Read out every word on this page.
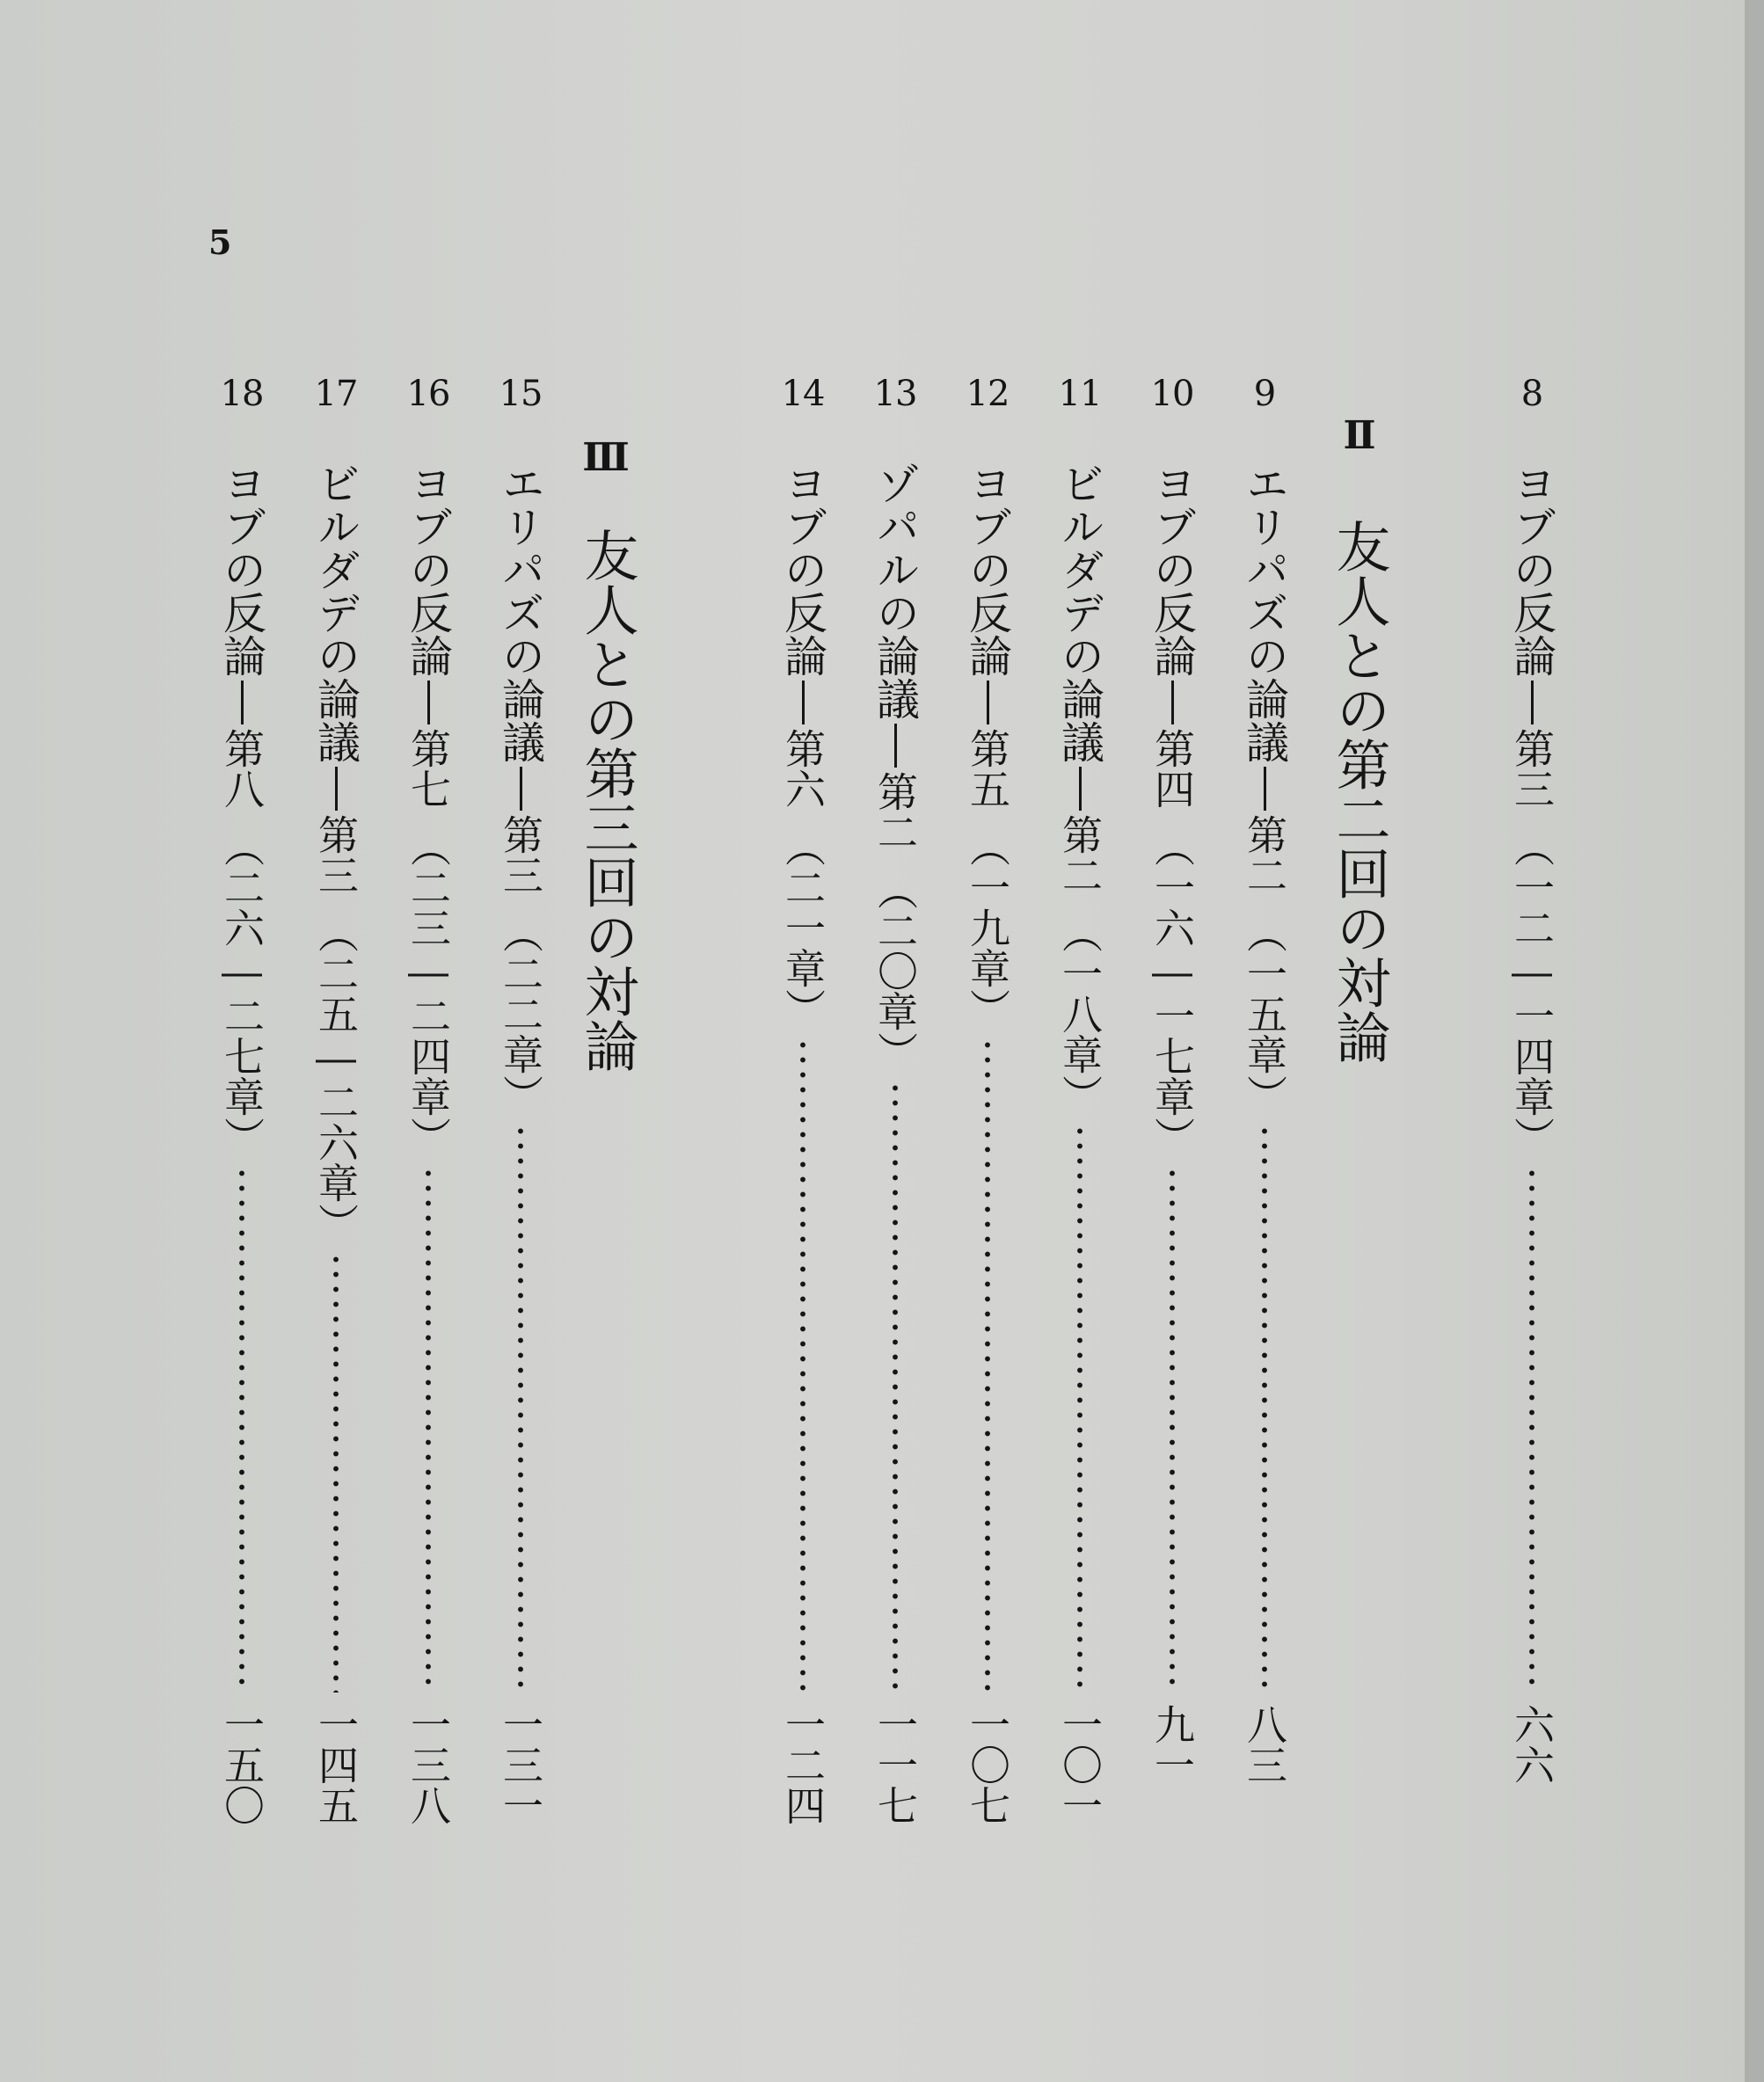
5
Ⅱ
友人との第二回の対論
Ⅲ
友人との第三回の対論
8
ヨブの反論
第三
（一二―一四章）
六六
9
エリパズの論議
第二
（一五章）
八三
10
ヨブの反論
第四
（一六―一七章）
九一
11
ビルダデの論議
第二
（一八章）
一〇一
12
ヨブの反論
第五
（一九章）
一〇七
13
ゾパルの論議
第二
（二〇章）
一一七
14
ヨブの反論
第六
（二一章）
一二四
15
エリパズの論議
第三
（二二章）
一三一
16
ヨブの反論
第七
（二三―二四章）
一三八
17
ビルダデの論議
第三
（二五―二六章）
一四五
18
ヨブの反論
第八
（二六―二七章）
一五〇
